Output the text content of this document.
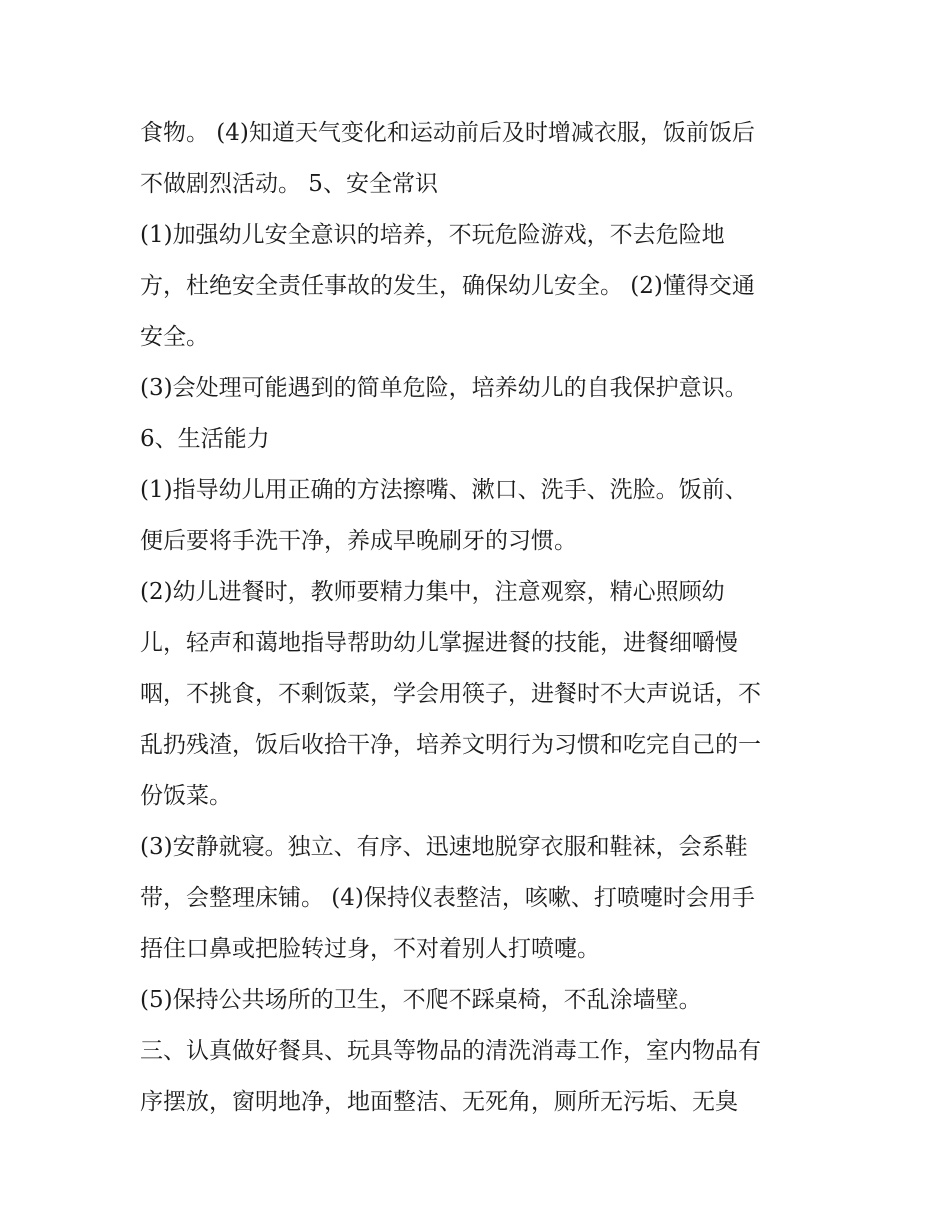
食物。 (4)知道天气变化和运动前后及时增减衣服，饭前饭后
不做剧烈活动。 5、安全常识
(1)加强幼儿安全意识的培养，不玩危险游戏，不去危险地
方，杜绝安全责任事故的发生，确保幼儿安全。 (2)懂得交通
安全。
(3)会处理可能遇到的简单危险，培养幼儿的自我保护意识。
6、生活能力
(1)指导幼儿用正确的方法擦嘴、漱口、洗手、洗脸。饭前、
便后要将手洗干净，养成早晚刷牙的习惯。
(2)幼儿进餐时，教师要精力集中，注意观察，精心照顾幼
儿，轻声和蔼地指导帮助幼儿掌握进餐的技能，进餐细嚼慢
咽，不挑食，不剩饭菜，学会用筷子，进餐时不大声说话，不
乱扔残渣，饭后收拾干净，培养文明行为习惯和吃完自己的一
份饭菜。
(3)安静就寝。独立、有序、迅速地脱穿衣服和鞋袜，会系鞋
带，会整理床铺。 (4)保持仪表整洁，咳嗽、打喷嚏时会用手
捂住口鼻或把脸转过身，不对着别人打喷嚏。
(5)保持公共场所的卫生，不爬不踩桌椅，不乱涂墙壁。
三、认真做好餐具、玩具等物品的清洗消毒工作，室内物品有
序摆放，窗明地净，地面整洁、无死角，厕所无污垢、无臭
